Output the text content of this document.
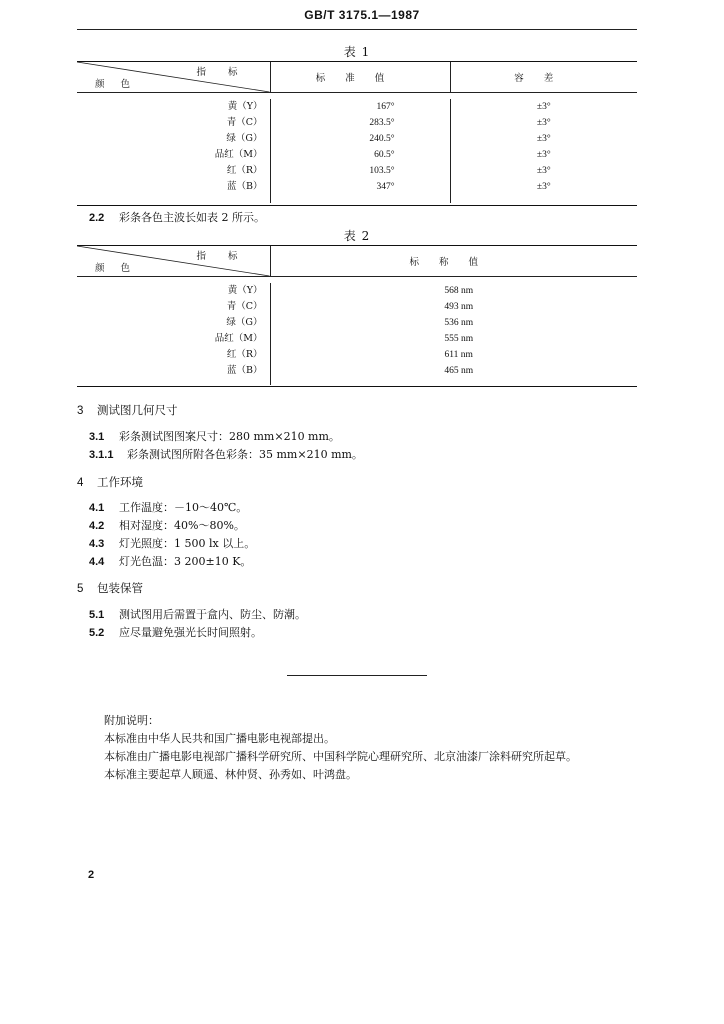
GB/T 3175.1—1987
表 1
指标
颜色	标准值	容差

黄（Y）	167°	±3°
青（C）	283.5°	±3°
绿（G）	240.5°	±3°
品红（M）	60.5°	±3°
红（R）	103.5°	±3°
蓝（B）	347°	±3°

2.2 彩条各色主波长如表 2 所示。
表 2
指标
颜色	标称值

黄（Y）	568 nm
青（C）	493 nm
绿（G）	536 nm
品红（M）	555 nm
红（R）	611 nm
蓝（B）	465 nm

3 测试图几何尺寸
3.1 彩条测试图图案尺寸：280 mm×210 mm。
3.1.1 彩条测试图所附各色彩条：35 mm×210 mm。
4 工作环境
4.1 工作温度：－10～40℃。
4.2 相对湿度：40%～80%。
4.3 灯光照度：1 500 lx 以上。
4.4 灯光色温：3 200±10 K。
5 包装保管
5.1 测试图用后需置于盒内、防尘、防潮。
5.2 应尽量避免强光长时间照射。
附加说明：
本标准由中华人民共和国广播电影电视部提出。
本标准由广播电影电视部广播科学研究所、中国科学院心理研究所、北京油漆厂涂料研究所起草。
本标准主要起草人顾遥、林仲贤、孙秀如、叶鸿盘。
2
